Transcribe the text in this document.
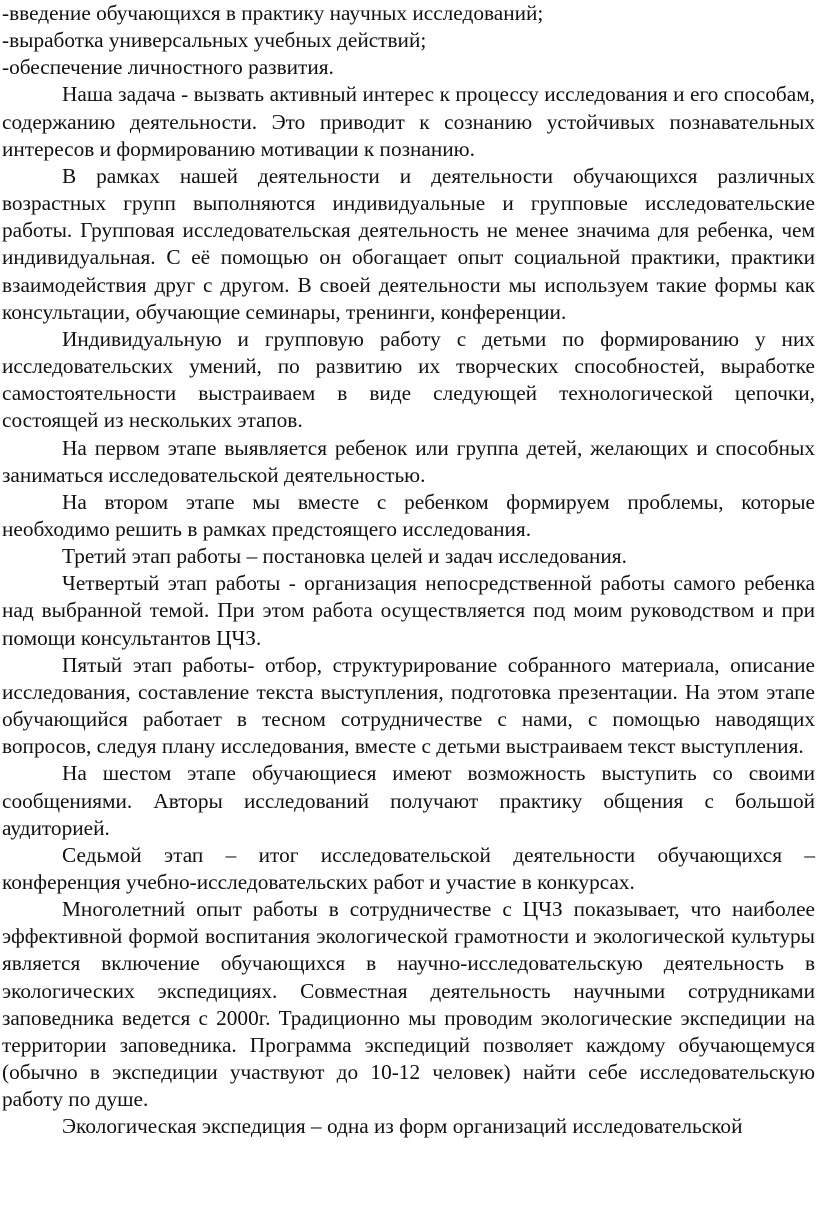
-введение обучающихся в практику научных исследований;
-выработка универсальных учебных действий;
-обеспечение личностного развития.

Наша задача - вызвать активный интерес к процессу исследования и его способам, содержанию деятельности. Это приводит к сознанию устойчивых познавательных интересов и формированию мотивации к познанию.

В рамках нашей деятельности и деятельности обучающихся различных возрастных групп выполняются индивидуальные и групповые исследовательские работы. Групповая исследовательская деятельность не менее значима для ребенка, чем индивидуальная. С её помощью он обогащает опыт социальной практики, практики взаимодействия друг с другом. В своей деятельности мы используем такие формы как консультации, обучающие семинары, тренинги, конференции.

Индивидуальную и групповую работу с детьми по формированию у них исследовательских умений, по развитию их творческих способностей, выработке самостоятельности выстраиваем в виде следующей технологической цепочки, состоящей из нескольких этапов.

На первом этапе выявляется ребенок или группа детей, желающих и способных заниматься исследовательской деятельностью.

На втором этапе мы вместе с ребенком формируем проблемы, которые необходимо решить в рамках предстоящего исследования.

Третий этап работы – постановка целей и задач исследования.

Четвертый этап работы - организация непосредственной работы самого ребенка над выбранной темой. При этом работа осуществляется под моим руководством и при помощи консультантов ЦЧЗ.

Пятый этап работы- отбор, структурирование собранного материала, описание исследования, составление текста выступления, подготовка презентации. На этом этапе обучающийся работает в тесном сотрудничестве с нами, с помощью наводящих вопросов, следуя плану исследования, вместе с детьми выстраиваем текст выступления.

На шестом этапе обучающиеся имеют возможность выступить со своими сообщениями. Авторы исследований получают практику общения с большой аудиторией.

Седьмой этап – итог исследовательской деятельности обучающихся – конференция учебно-исследовательских работ и участие в конкурсах.

Многолетний опыт работы в сотрудничестве с ЦЧЗ показывает, что наиболее эффективной формой воспитания экологической грамотности и экологической культуры является включение обучающихся в научно-исследовательскую деятельность в экологических экспедициях. Совместная деятельность научными сотрудниками заповедника ведется с 2000г. Традиционно мы проводим экологические экспедиции на территории заповедника. Программа экспедиций позволяет каждому обучающемуся (обычно в экспедиции участвуют до 10-12 человек) найти себе исследовательскую работу по душе.

Экологическая экспедиция – одна из форм организаций исследовательской
